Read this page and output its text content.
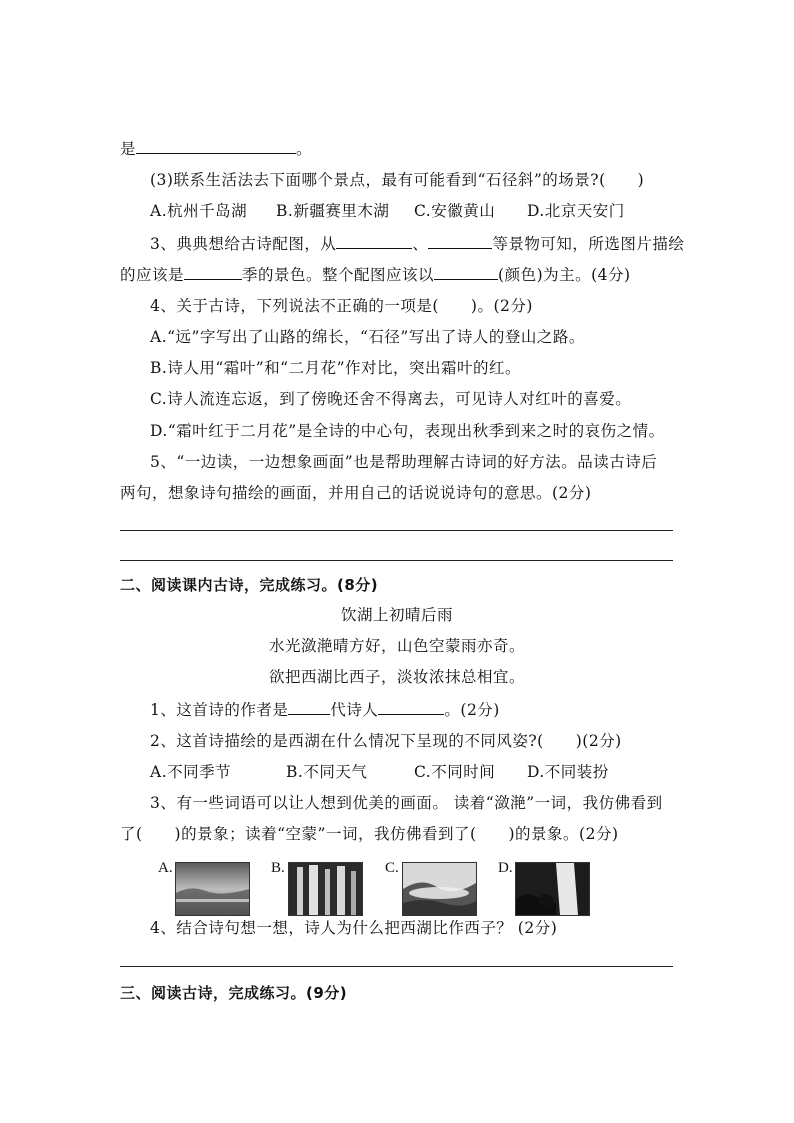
是	。
(3)联系生活法去下面哪个景点，最有可能看到“石径斜”的场景?(　　)
A.杭州千岛湖 B.新疆赛里木湖 C.安徽黄山 D.北京天安门
3、典典想给古诗配图，从	、	等景物可知，所选图片描绘
的应该是	季的景色。整个配图应该以	(颜色)为主。(4分)
4、关于古诗，下列说法不正确的一项是(　　)。(2分)
A.“远”字写出了山路的绵长，“石径”写出了诗人的登山之路。
B.诗人用“霜叶”和“二月花”作对比，突出霜叶的红。
C.诗人流连忘返，到了傍晚还舍不得离去，可见诗人对红叶的喜爱。
D.“霜叶红于二月花”是全诗的中心句，表现出秋季到来之时的哀伤之情。
5、“一边读，一边想象画面”也是帮助理解古诗词的好方法。品读古诗后
两句，想象诗句描绘的画面，并用自己的话说说诗句的意思。(2分)
二、阅读课内古诗，完成练习。(8分)
饮湖上初晴后雨
水光潋滟晴方好，山色空蒙雨亦奇。
欲把西湖比西子，淡妆浓抹总相宜。
1、这首诗的作者是	代诗人	。(2分)
2、这首诗描绘的是西湖在什么情况下呈现的不同风姿?(　　)(2分)
A.不同季节	B.不同天气	C.不同时间 D.不同装扮
3、有一些词语可以让人想到优美的画面。 读着“潋滟”一词，我仿佛看到
了(　　)的景象；读着“空蒙”一词，我仿佛看到了(　　)的景象。(2分)
A.	B.	C.	D.
4、结合诗句想一想，诗人为什么把西湖比作西子？ (2分)
三、阅读古诗，完成练习。(9分)
